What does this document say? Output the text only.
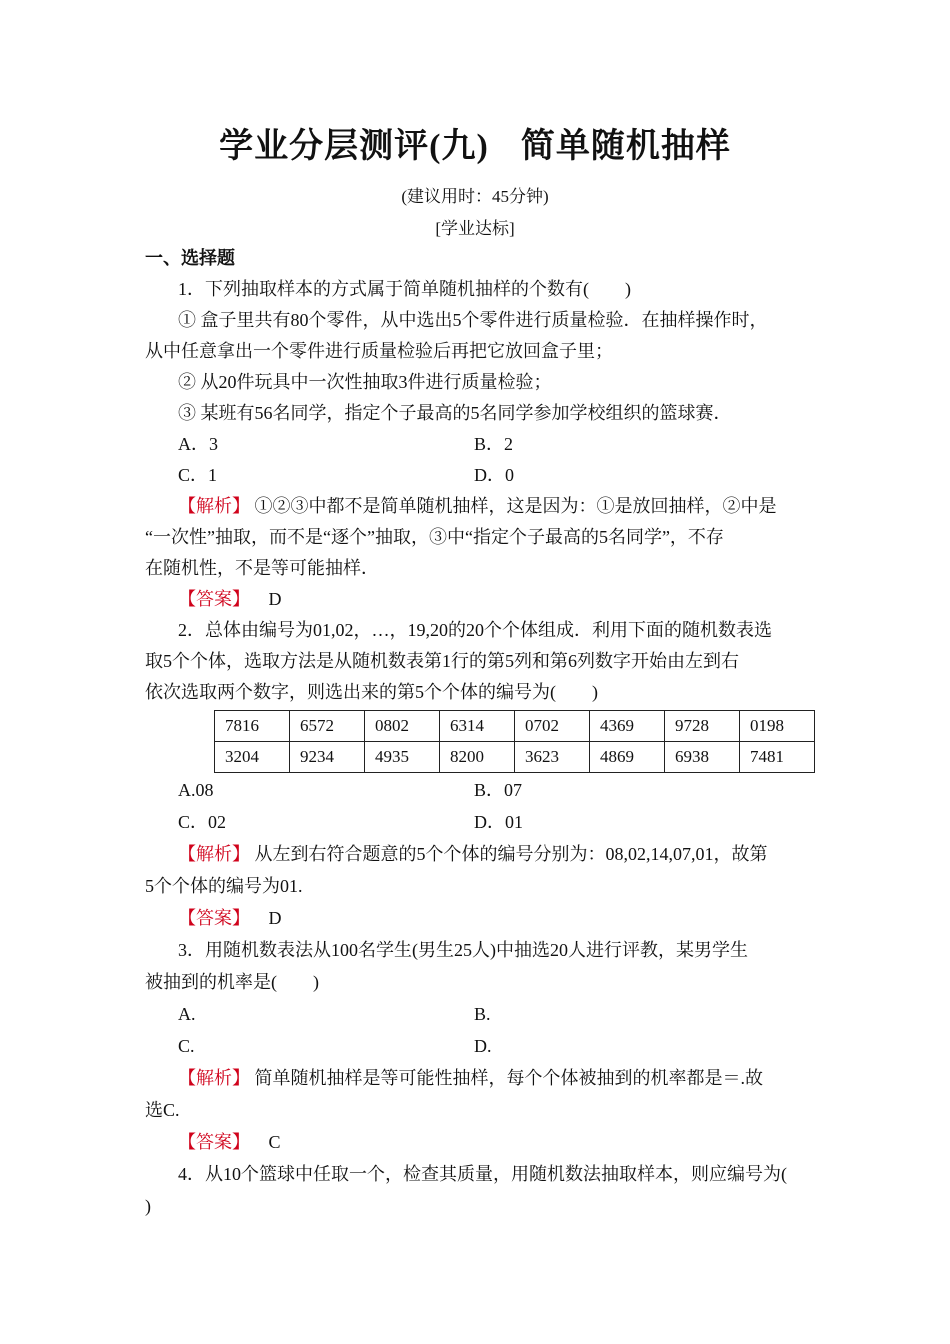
学业分层测评(九) 简单随机抽样
(建议用时：45分钟)
[学业达标]
一、选择题
1．下列抽取样本的方式属于简单随机抽样的个数有(　　)
① 盒子里共有80个零件，从中选出5个零件进行质量检验．在抽样操作时，
从中任意拿出一个零件进行质量检验后再把它放回盒子里；
② 从20件玩具中一次性抽取3件进行质量检验；
③ 某班有56名同学，指定个子最高的5名同学参加学校组织的篮球赛．
A．3	B．2
C．1	D．0
【解析】 ①②③中都不是简单随机抽样，这是因为：①是放回抽样，②中是
“一次性”抽取，而不是“逐个”抽取，③中“指定个子最高的5名同学”，不存
在随机性，不是等可能抽样．
【答案】 D
2．总体由编号为01,02，…，19,20的20个个体组成．利用下面的随机数表选
取5个个体，选取方法是从随机数表第1行的第5列和第6列数字开始由左到右
依次选取两个数字，则选出来的第5个个体的编号为(　　)
7816	6572	0802	6314	0702	4369	9728	0198
3204	9234	4935	8200	3623	4869	6938	7481
A.08	B．07
C．02	D．01
【解析】 从左到右符合题意的5个个体的编号分别为：08,02,14,07,01，故第
5个个体的编号为01.
【答案】 D
3．用随机数表法从100名学生(男生25人)中抽选20人进行评教，某男学生
被抽到的机率是(　　)
A.	B.
C.	D.
【解析】 简单随机抽样是等可能性抽样，每个个体被抽到的机率都是＝.故
选C.
【答案】 C
4．从10个篮球中任取一个，检查其质量，用随机数法抽取样本，则应编号为(
)
